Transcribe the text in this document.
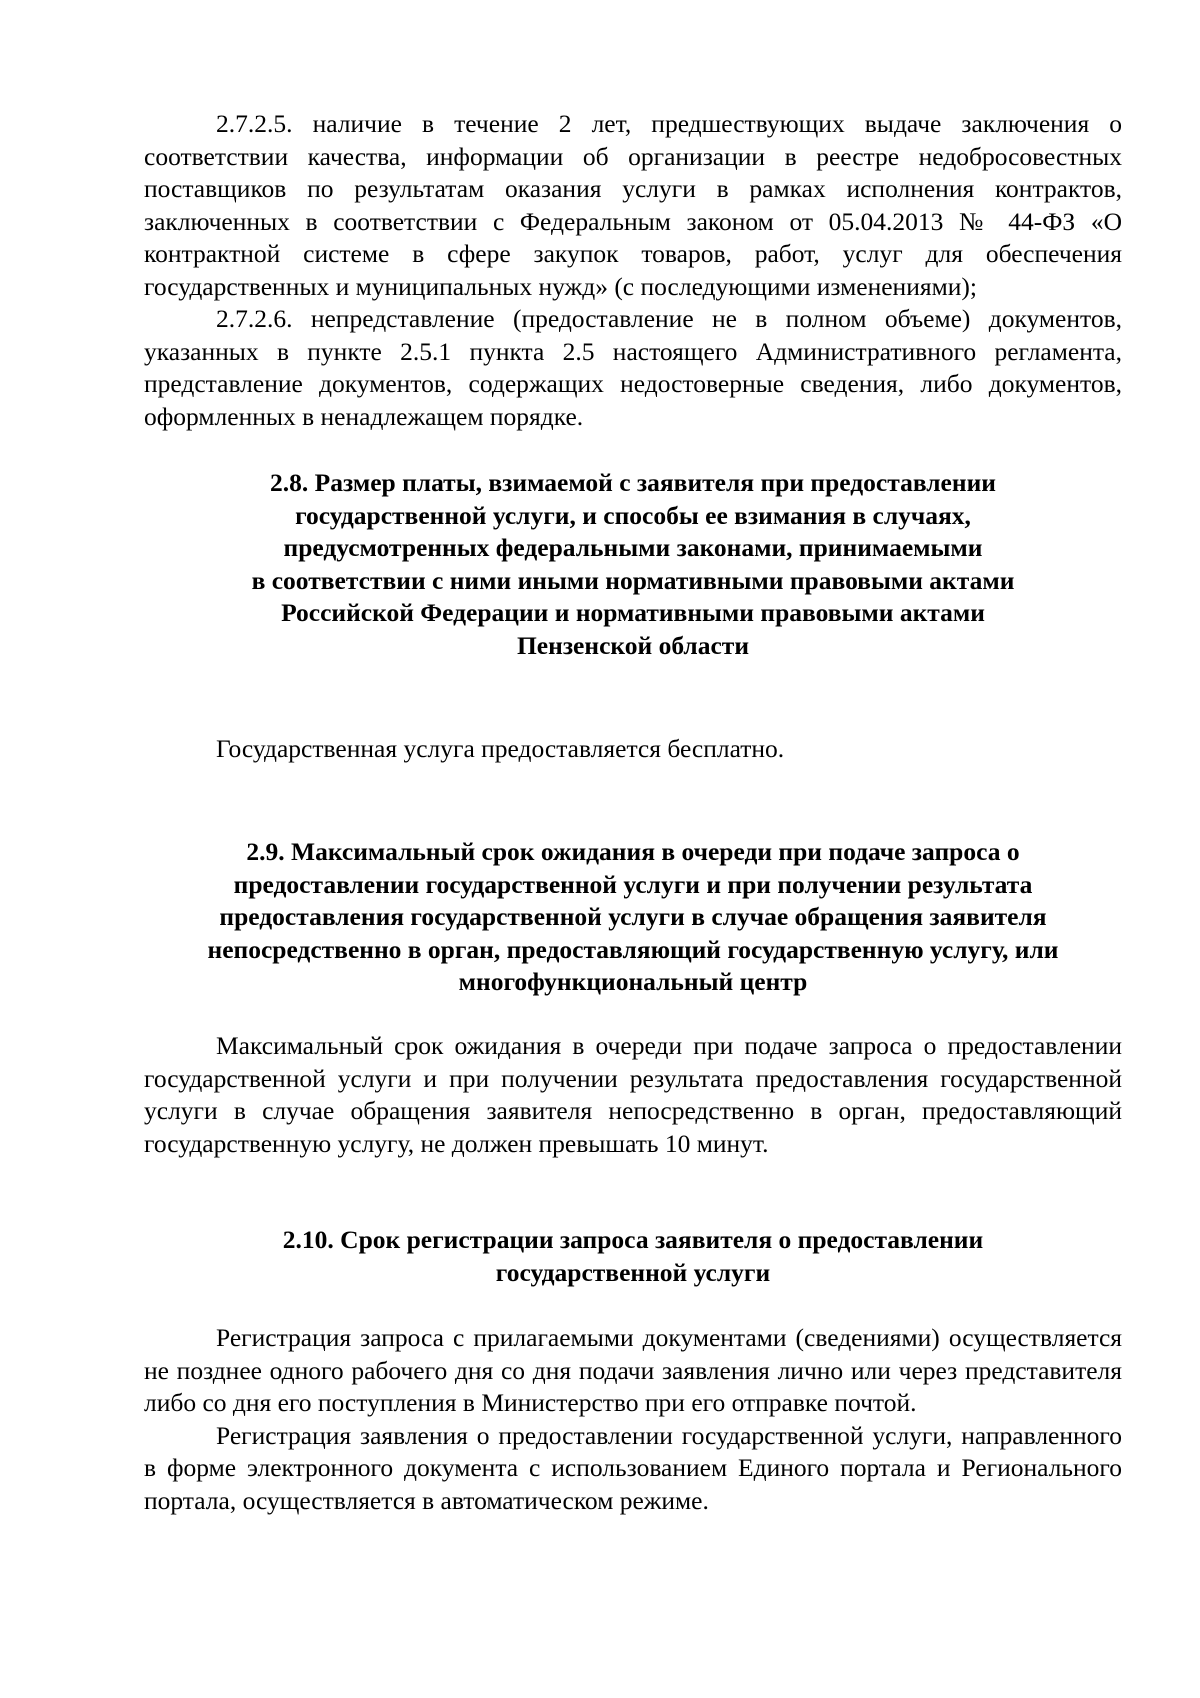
2.7.2.5. наличие в течение 2 лет, предшествующих выдаче заключения о соответствии качества, информации об организации в реестре недобросовестных поставщиков по результатам оказания услуги в рамках исполнения контрактов, заключенных в соответствии с Федеральным законом от 05.04.2013 № 44-ФЗ «О контрактной системе в сфере закупок товаров, работ, услуг для обеспечения государственных и муниципальных нужд» (с последующими изменениями);

2.7.2.6. непредставление (предоставление не в полном объеме) документов, указанных в пункте 2.5.1 пункта 2.5 настоящего Административного регламента, представление документов, содержащих недостоверные сведения, либо документов, оформленных в ненадлежащем порядке.

2.8. Размер платы, взимаемой с заявителя при предоставлении
государственной услуги, и способы ее взимания в случаях,
предусмотренных федеральными законами, принимаемыми
в соответствии с ними иными нормативными правовыми актами
Российской Федерации и нормативными правовыми актами
Пензенской области
Государственная услуга предоставляется бесплатно.
2.9. Максимальный срок ожидания в очереди при подаче запроса о
предоставлении государственной услуги и при получении результата
предоставления государственной услуги в случае обращения заявителя
непосредственно в орган, предоставляющий государственную услугу, или
многофункциональный центр

Максимальный срок ожидания в очереди при подаче запроса о предоставлении государственной услуги и при получении результата предоставления государственной услуги в случае обращения заявителя непосредственно в орган, предоставляющий государственную услугу, не должен превышать 10 минут.

2.10. Срок регистрации запроса заявителя о предоставлении
государственной услуги

Регистрация запроса с прилагаемыми документами (сведениями) осуществляется не позднее одного рабочего дня со дня подачи заявления лично или через представителя либо со дня его поступления в Министерство при его отправке почтой.

Регистрация заявления о предоставлении государственной услуги, направленного в форме электронного документа с использованием Единого портала и Регионального портала, осуществляется в автоматическом режиме.
